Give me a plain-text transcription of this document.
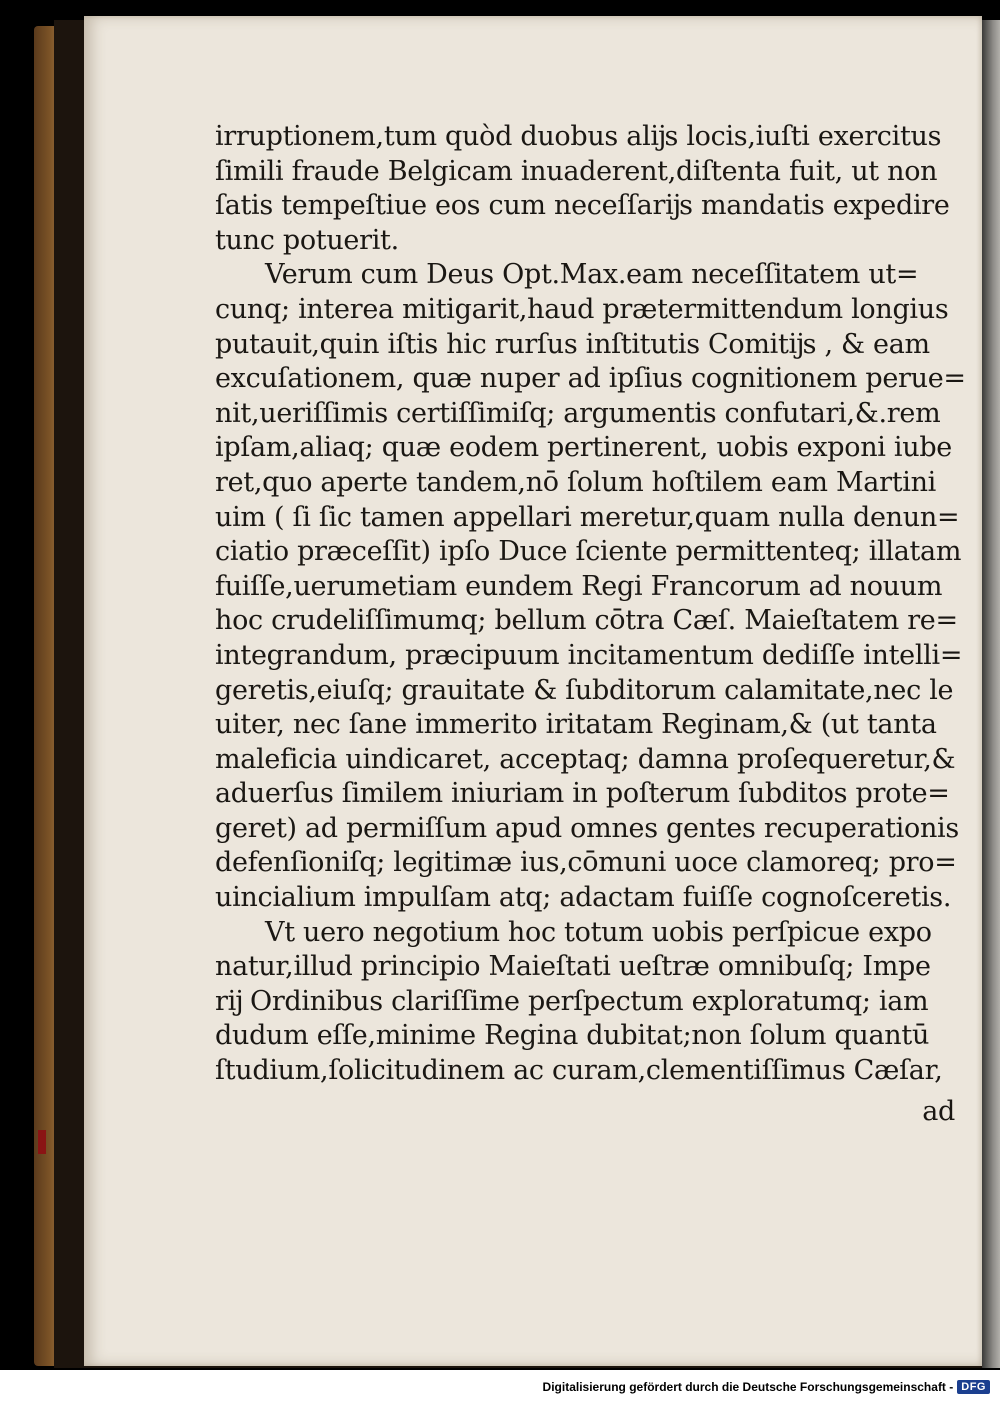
irruptionem,tum quòd duobus alĳs locis,iuſti exercitus
ſimili fraude Belgicam inuaderent,diſtenta fuit, ut non
ſatis tempeſtiue eos cum neceſſarĳs mandatis expedire
tunc potuerit.
Verum cum Deus Opt.Max.eam neceſſitatem ut=
cunq; interea mitigarit,haud prætermittendum longius
putauit,quin iſtis hic rurſus inſtitutis Comitĳs , & eam
excuſationem, quæ nuper ad ipſius cognitionem perue=
nit,ueriſſimis certiſſimiſq; argumentis confutari,&.rem
ipſam,aliaq; quæ eodem pertinerent, uobis exponi iube
ret,quo aperte tandem,nō ſolum hoſtilem eam Martini
uim ( ſi ſic tamen appellari meretur,quam nulla denun=
ciatio præceſſit) ipſo Duce ſciente permittenteq; illatam
fuiſſe,uerumetiam eundem Regi Francorum ad nouum
hoc crudeliſſimumq; bellum cōtra Cæſ. Maieſtatem re=
integrandum, præcipuum incitamentum dediſſe intelli=
geretis,eiuſq; grauitate & ſubditorum calamitate,nec le
uiter, nec ſane immerito iritatam Reginam,& (ut tanta
maleficia uindicaret, acceptaq; damna proſequeretur,&
aduerſus ſimilem iniuriam in poſterum ſubditos prote=
geret) ad permiſſum apud omnes gentes recuperationis
defenſioniſq; legitimæ ius,cōmuni uoce clamoreq; pro=
uincialium impulſam atq; adactam fuiſſe cognoſceretis.
Vt uero negotium hoc totum uobis perſpicue expo
natur,illud principio Maieſtati ueſtræ omnibuſq; Impe
rĳ Ordinibus clariſſime perſpectum exploratumq; iam
dudum eſſe,minime Regina dubitat;non ſolum quantū
ſtudium,ſolicitudinem ac curam,clementiſſimus Cæſar,
ad
Digitalisierung gefördert durch die Deutsche Forschungsgemeinschaft - DFG
